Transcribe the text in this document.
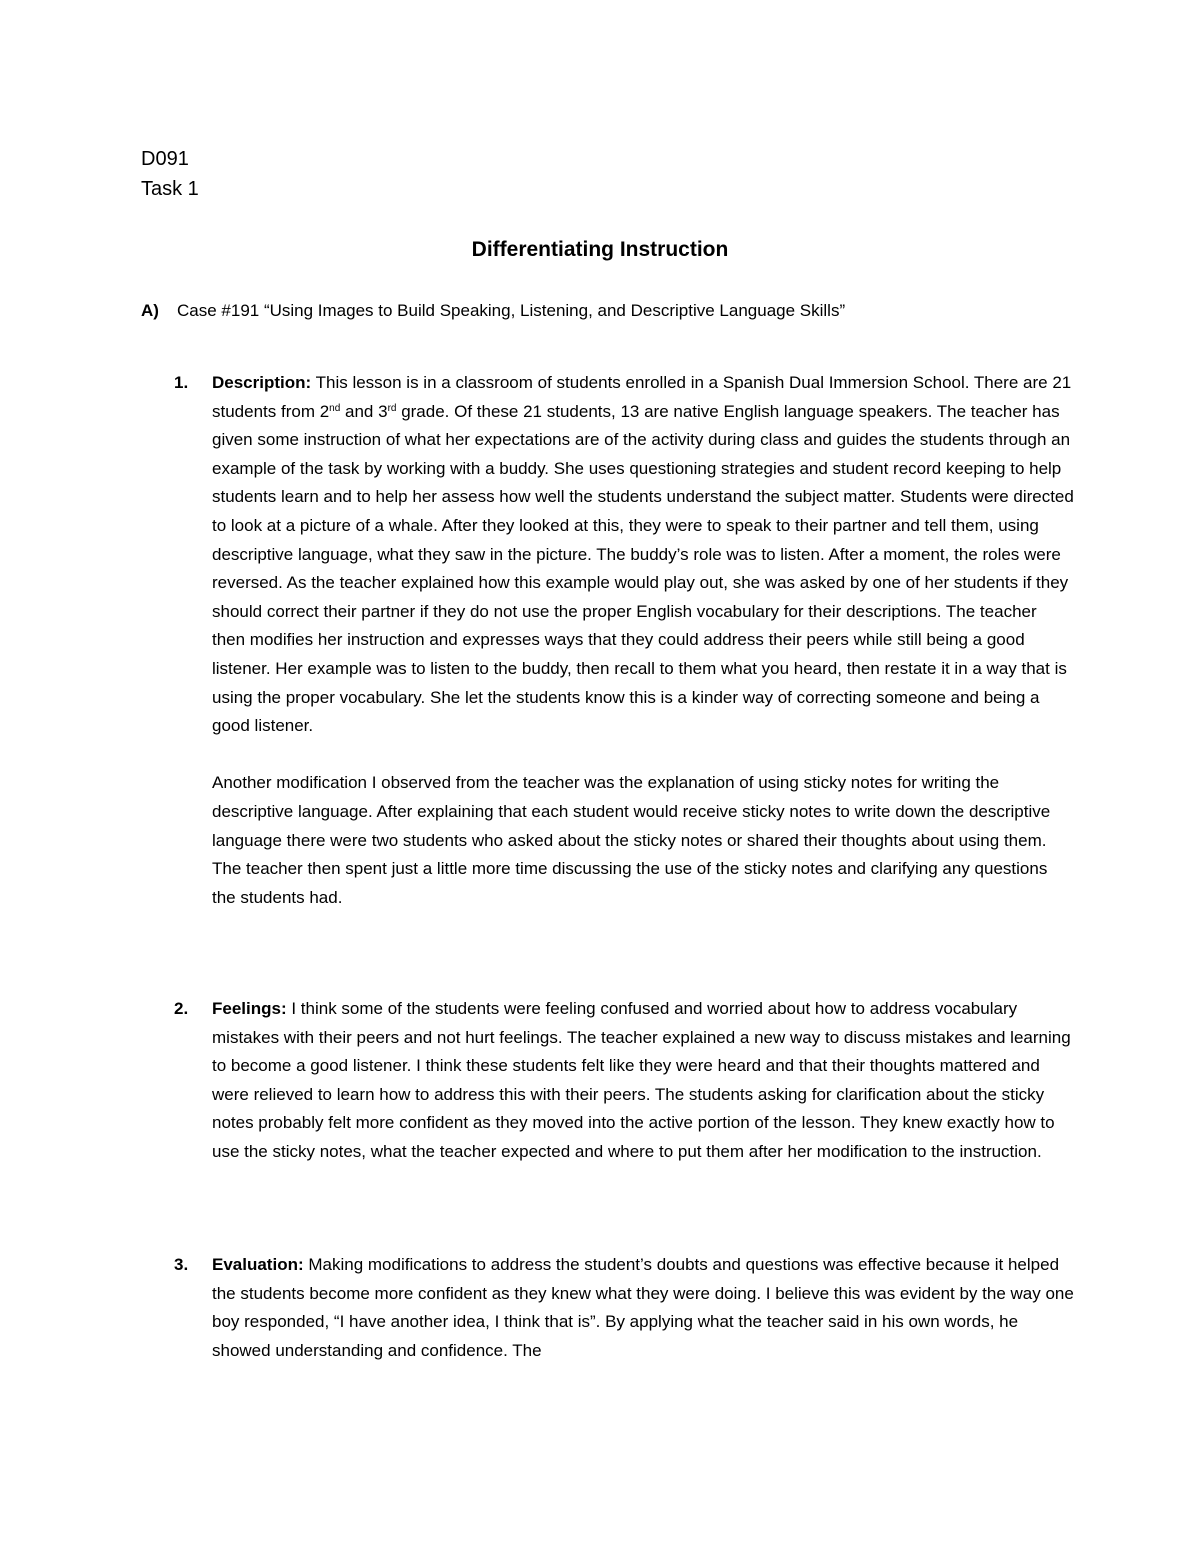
D091
Task 1
Differentiating Instruction
A) Case #191 “Using Images to Build Speaking, Listening, and Descriptive Language Skills”
1. Description: This lesson is in a classroom of students enrolled in a Spanish Dual Immersion School. There are 21 students from 2nd and 3rd grade. Of these 21 students, 13 are native English language speakers. The teacher has given some instruction of what her expectations are of the activity during class and guides the students through an example of the task by working with a buddy. She uses questioning strategies and student record keeping to help students learn and to help her assess how well the students understand the subject matter. Students were directed to look at a picture of a whale. After they looked at this, they were to speak to their partner and tell them, using descriptive language, what they saw in the picture. The buddy’s role was to listen. After a moment, the roles were reversed. As the teacher explained how this example would play out, she was asked by one of her students if they should correct their partner if they do not use the proper English vocabulary for their descriptions. The teacher then modifies her instruction and expresses ways that they could address their peers while still being a good listener. Her example was to listen to the buddy, then recall to them what you heard, then restate it in a way that is using the proper vocabulary. She let the students know this is a kinder way of correcting someone and being a good listener.

Another modification I observed from the teacher was the explanation of using sticky notes for writing the descriptive language. After explaining that each student would receive sticky notes to write down the descriptive language there were two students who asked about the sticky notes or shared their thoughts about using them. The teacher then spent just a little more time discussing the use of the sticky notes and clarifying any questions the students had.

2. Feelings: I think some of the students were feeling confused and worried about how to address vocabulary mistakes with their peers and not hurt feelings. The teacher explained a new way to discuss mistakes and learning to become a good listener. I think these students felt like they were heard and that their thoughts mattered and were relieved to learn how to address this with their peers. The students asking for clarification about the sticky notes probably felt more confident as they moved into the active portion of the lesson. They knew exactly how to use the sticky notes, what the teacher expected and where to put them after her modification to the instruction.

3. Evaluation: Making modifications to address the student’s doubts and questions was effective because it helped the students become more confident as they knew what they were doing. I believe this was evident by the way one boy responded, “I have another idea, I think that is”. By applying what the teacher said in his own words, he showed understanding and confidence. The
